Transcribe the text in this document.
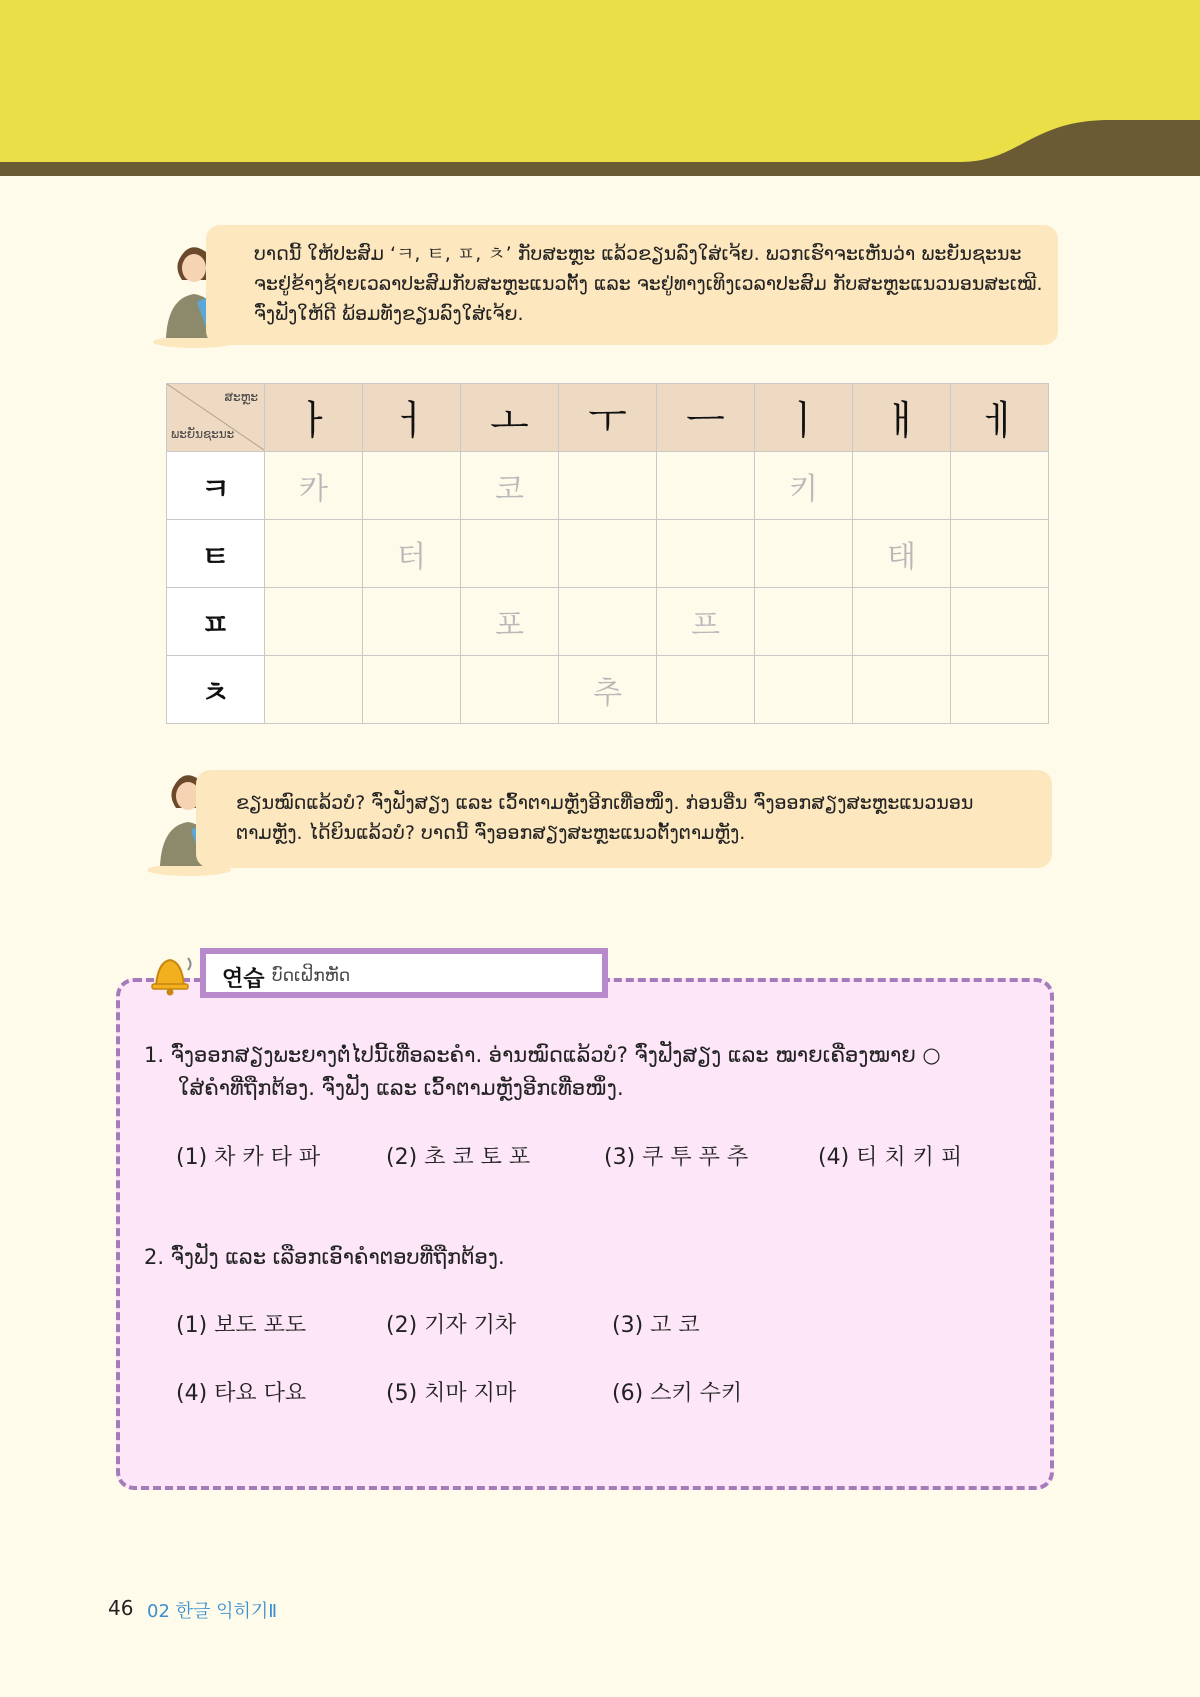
ບາດນີ້ ໃຫ້ປະສົມ ‘ㅋ, ㅌ, ㅍ, ㅊ’ ກັບສະຫຼະ ແລ້ວຂຽນລົງໃສ່ເຈ້ຍ. ພວກເຮົາຈະເຫັນວ່າ ພະຍັນຊະນະ
ຈະຢູ່ຂ້າງຊ້າຍເວລາປະສົມກັບສະຫຼະແນວຕັ້ງ ແລະ ຈະຢູ່ທາງເທິງເວລາປະສົມ ກັບສະຫຼະແນວນອນສະເໝີ.
ຈົ່ງຟັງໃຫ້ດີ ພ້ອມທັງຂຽນລົງໃສ່ເຈ້ຍ.
ສະຫຼະ
ພະຍັນຊະນະ	ㅏ	ㅓ	ㅗ	ㅜ	ㅡ	ㅣ	ㅐ	ㅔ
ㅋ	카		코			키		
ㅌ		터					태	
ㅍ			포		프			
ㅊ				추				
ຂຽນໝົດແລ້ວບໍ? ຈົ່ງຟັງສຽງ ແລະ ເວົ້າຕາມຫຼັງອີກເທື່ອໜຶ່ງ. ກ່ອນອື່ນ ຈົ່ງອອກສຽງສະຫຼະແນວນອນ
ຕາມຫຼັງ. ໄດ້ຍິນແລ້ວບໍ? ບາດນີ້ ຈົ່ງອອກສຽງສະຫຼະແນວຕັ້ງຕາມຫຼັງ.
연습 ບົດເຝິກຫັດ
1. ຈົ່ງອອກສຽງພະຍາງຕໍ່ໄປນີ້ເທື່ອລະຄໍາ. ອ່ານໝົດແລ້ວບໍ? ຈົ່ງຟັງສຽງ ແລະ ໝາຍເຄື່ອງໝາຍ ○
ໃສ່ຄໍາທີ່ຖືກຕ້ອງ. ຈົ່ງຟັງ ແລະ ເວົ້າຕາມຫຼັງອີກເທື່ອໜຶ່ງ.
(1) 차 카 타 파	(2) 초 코 토 포	(3) 쿠 투 푸 추	(4) 티 치 키 피
2. ຈົ່ງຟັງ ແລະ ເລືອກເອົາຄໍາຕອບທີ່ຖືກຕ້ອງ.
(1) 보도 포도	(2) 기자 기차	(3) 고 코
(4) 타요 다요	(5) 치마 지마	(6) 스키 수키
46 02 한글 익히기Ⅱ
